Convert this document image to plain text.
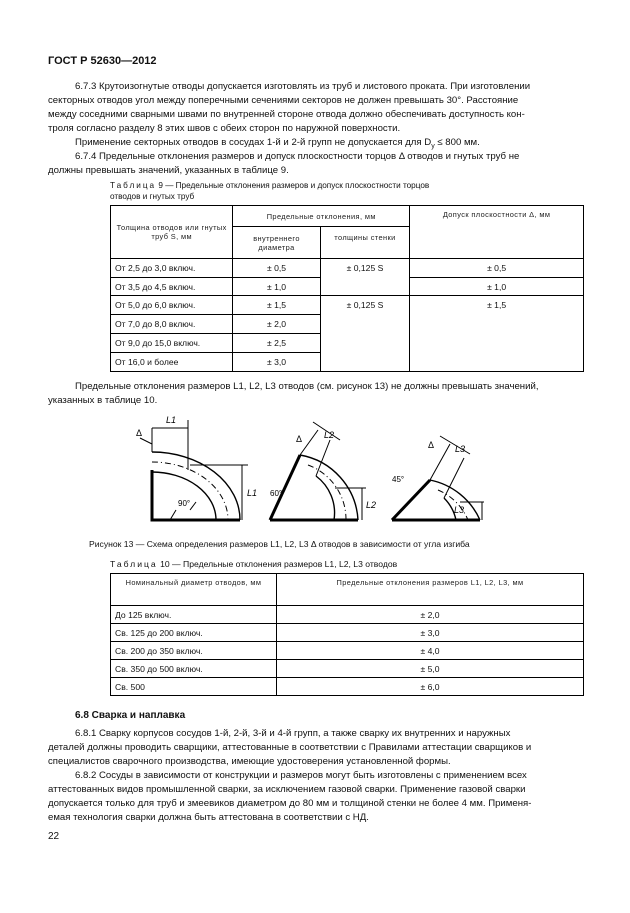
ГОСТ Р 52630—2012
6.7.3 Крутоизогнутые отводы допускается изготовлять из труб и листового проката. При изготовлении
секторных отводов угол между поперечными сечениями секторов не должен превышать 30°. Расстояние
между соседними сварными швами по внутренней стороне отвода должно обеспечивать доступность кон-
троля согласно разделу 8 этих швов с обеих сторон по наружной поверхности.
Применение секторных отводов в сосудах 1-й и 2-й групп не допускается для $D_у \le 800$ мм.
6.7.4 Предельные отклонения размеров и допуск плоскостности торцов Δ отводов и гнутых труб не
должны превышать значений, указанных в таблице 9.
Таблица 9 — Предельные отклонения размеров и допуск плоскостности торцов
отводов и гнутых труб
Толщина отводов или гнутых труб S, мм	Предельные отклонения, мм		Допуск плоскостности Δ, мм
	внутреннего диаметра	толщины стенки	
От 2,5 до 3,0 включ.	± 0,5	± 0,125 S	± 0,5
От 3,5 до 4,5 включ.	± 1,0		± 1,0
От 5,0 до 6,0 включ.	± 1,5	± 0,125 S	± 1,5
От 7,0 до 8,0 включ.	± 2,0		
От 9,0 до 15,0 включ.	± 2,5		
От 16,0 и более	± 3,0		
Предельные отклонения размеров L1, L2, L3 отводов (см. рисунок 13) не должны превышать значений,
указанных в таблице 10.
L1
L1
Δ
90°
L2
L2
Δ
60°
L3
L3
Δ
45°
Рисунок 13 — Схема определения размеров L1, L2, L3 Δ отводов в зависимости от угла изгиба
Таблица 10 — Предельные отклонения размеров L1, L2, L3 отводов
Номинальный диаметр отводов, мм	Предельные отклонения размеров L1, L2, L3, мм
До 125 включ.	± 2,0
Св. 125 до 200 включ.	± 3,0
Св. 200 до 350 включ.	± 4,0
Св. 350 до 500 включ.	± 5,0
Св. 500	± 6,0
6.8 Сварка и наплавка
6.8.1 Сварку корпусов сосудов 1-й, 2-й, 3-й и 4-й групп, а также сварку их внутренних и наружных
деталей должны проводить сварщики, аттестованные в соответствии с Правилами аттестации сварщиков и
специалистов сварочного производства, имеющие удостоверения установленной формы.
6.8.2 Сосуды в зависимости от конструкции и размеров могут быть изготовлены с применением всех
аттестованных видов промышленной сварки, за исключением газовой сварки. Применение газовой сварки
допускается только для труб и змеевиков диаметром до 80 мм и толщиной стенки не более 4 мм. Применя-
емая технология сварки должна быть аттестована в соответствии с НД.
22
